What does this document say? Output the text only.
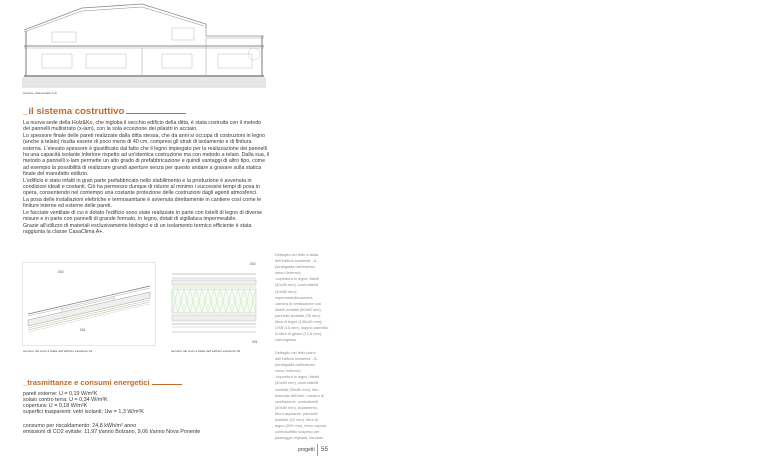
sezione trasversale A-A
_il sistema costruttivo

La nuova sede della Holz&Ko, che ingloba il vecchio edificio della ditta, è stata costruita con il metodo dei pannelli multistrato (x-lam), con la sola eccezione dei pilastri in acciaio.

Lo spessore finale delle pareti realizzate dalla ditta stessa, che da anni si occupa di costruzioni in legno (anche a telaio) risulta essere di poco meno di 40 cm, compresi gli strati di isolamento e di finitura esterna. L'elevato spessore è giustificato dal fatto che il legno impiegato per la realizzazione dei pannelli ha una capacità isolante inferiore rispetto ad un'identica costruzione ma con metodo a telaio. Dalla sua, il metodo a pannelli x-lam permette un alto grado di prefabbricazione e quindi vantaggi di altro tipo, come ad esempio la possibilità di realizzare grandi aperture senza per questo andare a gravare sulla statica finale del manufatto edilizio.

L'edificio è stato infatti in gran parte prefabbricato nello stabilimento e la produzione è avvenuta in condizioni ideali e costanti. Ciò ha permesso dunque di ridurre al minimo i successivi tempi di posa in opera, consentendo nel contempo una costante protezione delle costruzioni dagli agenti atmosferici.

La posa delle installazioni elettriche e termosanitarie è avvenuta direttamente in cantiere così come le finiture interne ed esterne delle pareti.

Le facciate ventilate di cui è dotato l'edificio sono state realizzate in parte con listelli di legno di diverse misure e in parte con pannelli di grande formato, in legno, dotati di sigillatura impermeabile.

Grazie all'utilizzo di materiali esclusivamente biologici e di un isolamento termico efficiente è stata raggiunta la classe CasaClima A+.

002
001
sezione del tetto a falda dell'edificio esistente 01
002
001
sezione del tetto a falda dell'edificio esistente 02

Dettaglio del tetto a falda

dell'edificio esistente - A-

(stratigrafia dall'esterno

verso l'interno):

-copertura in legno; listelli

(40x80 mm), controlistelli

(40x80 mm);

impermeabilizzazione,

camera di ventilazione con

listelli ventilati (50x80 mm),

pannello isolante (35 mm),

fibra di legno (140x40 mm);

OSB (15 mm), doppio pannello

in fibra di gesso (12,5 mm),

cartongesso

Dettaglio del tetto piano

dell'edificio esistente - B-

(stratigrafia dall'esterno

verso l'interno):

-copertura in legno; listelli

(40x80 mm), controlistelli

ventilati (50x80 mm), telo

bitumato dell'arte, camera di

ventilazione, controlistelli

(40x80 mm), isolamento,

telo traspirante, pannello

isolante (22 mm), fibra di

legno (200 mm), freno vapore,

controsoffitto sospeso per

passaggio impianti, tavolato

_trasmittanze e consumi energetici

pareti esterne: U = 0,19 W/m²K

solaio contro terra: U = 0,34 W/m²K

copertura: U = 0,18 W/m²K

superfici trasparenti: vetri isolanti; Uw = 1,3 W/m²K

consumo per riscaldamento: 24,8 kWh/m² anno

emissioni di CO2 evitate: 11,97 t/anno Bolzano, 9,06 t/anno Nova Ponente

progetti 55
